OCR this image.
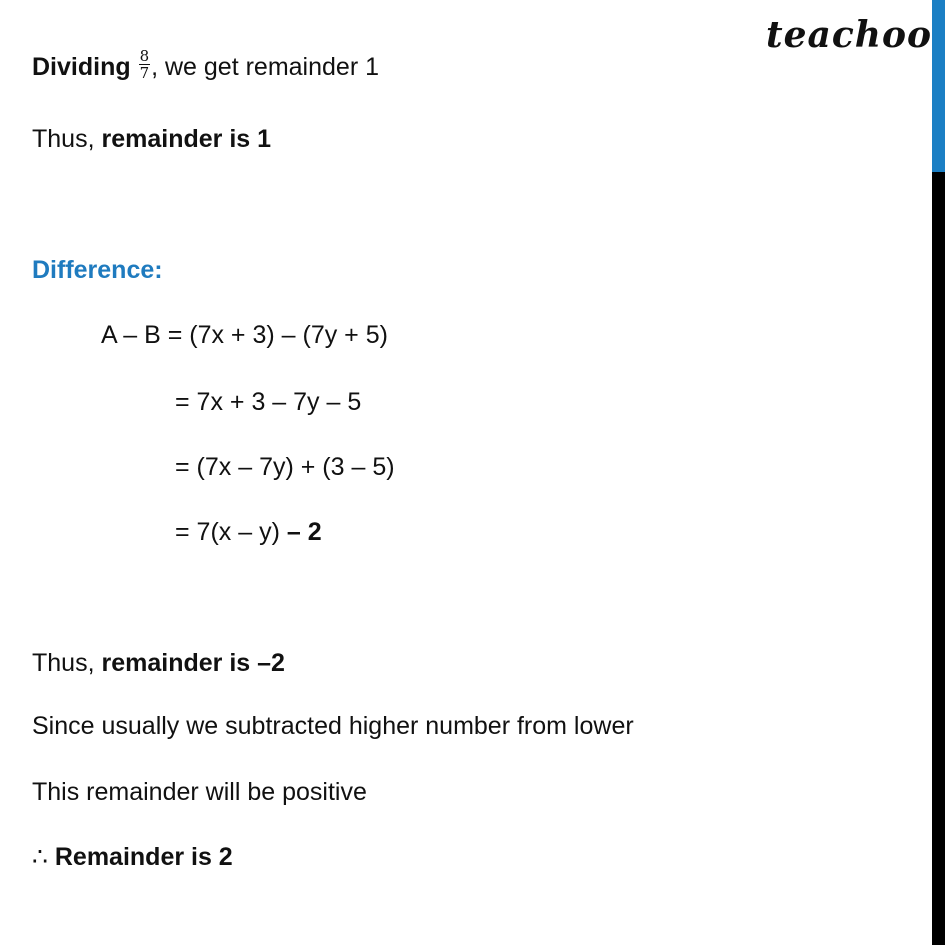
teachoo
Dividing $\frac{8}{7}$ , we get remainder 1
Thus, remainder is 1
Difference:
A – B = (7x + 3) – (7y + 5)
= 7x + 3 – 7y – 5
= (7x – 7y) + (3 – 5)
= 7(x – y) – 2
Thus, remainder is –2
Since usually we subtracted higher number from lower
This remainder will be positive
∴ Remainder is 2
